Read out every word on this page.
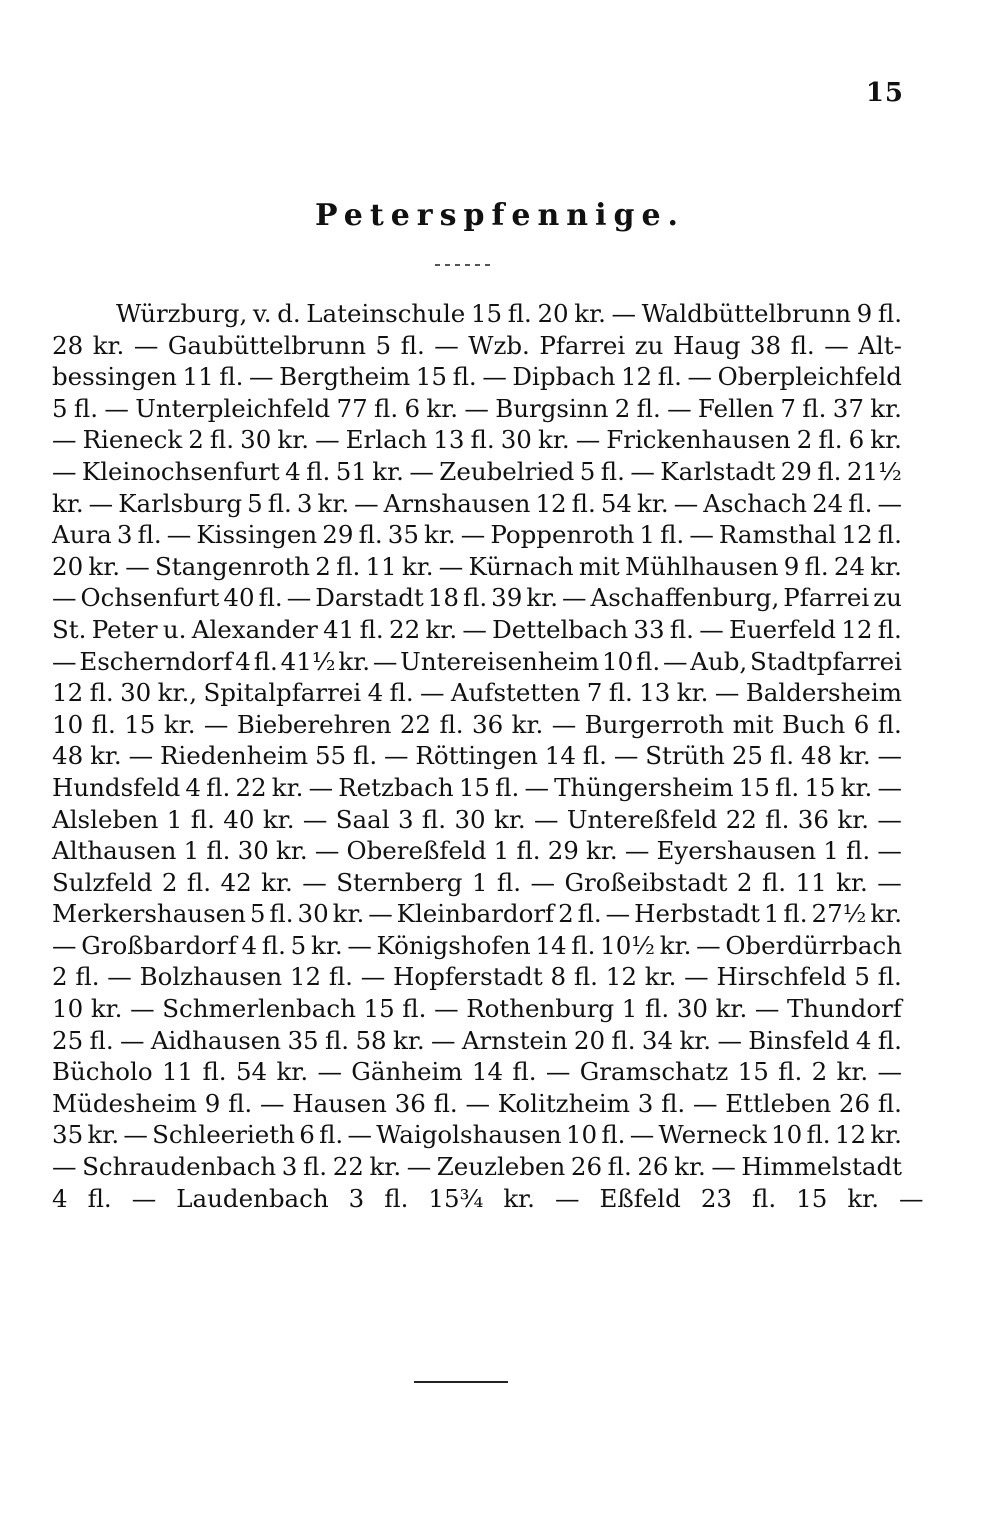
15
Peterspfennige.
Würzburg, v. d. Lateinschule 15 fl. 20 kr. — Waldbüttelbrunn 9 fl.
28 kr. — Gaubüttelbrunn 5 fl. — Wzb. Pfarrei zu Haug 38 fl. — Alt-
bessingen 11 fl. — Bergtheim 15 fl. — Dipbach 12 fl. — Oberpleichfeld
5 fl. — Unterpleichfeld 77 fl. 6 kr. — Burgsinn 2 fl. — Fellen 7 fl. 37 kr.
— Rieneck 2 fl. 30 kr. — Erlach 13 fl. 30 kr. — Frickenhausen 2 fl. 6 kr.
— Kleinochsenfurt 4 fl. 51 kr. — Zeubelried 5 fl. — Karlstadt 29 fl. 21½
kr. — Karlsburg 5 fl. 3 kr. — Arnshausen 12 fl. 54 kr. — Aschach 24 fl. —
Aura 3 fl. — Kissingen 29 fl. 35 kr. — Poppenroth 1 fl. — Ramsthal 12 fl.
20 kr. — Stangenroth 2 fl. 11 kr. — Kürnach mit Mühlhausen 9 fl. 24 kr.
— Ochsenfurt 40 fl. — Darstadt 18 fl. 39 kr. — Aschaffenburg, Pfarrei zu
St. Peter u. Alexander 41 fl. 22 kr. — Dettelbach 33 fl. — Euerfeld 12 fl.
— Escherndorf 4 fl. 41½ kr. — Untereisenheim 10 fl. — Aub, Stadtpfarrei
12 fl. 30 kr., Spitalpfarrei 4 fl. — Aufstetten 7 fl. 13 kr. — Baldersheim
10 fl. 15 kr. — Bieberehren 22 fl. 36 kr. — Burgerroth mit Buch 6 fl.
48 kr. — Riedenheim 55 fl. — Röttingen 14 fl. — Strüth 25 fl. 48 kr. —
Hundsfeld 4 fl. 22 kr. — Retzbach 15 fl. — Thüngersheim 15 fl. 15 kr. —
Alsleben 1 fl. 40 kr. — Saal 3 fl. 30 kr. — Untereßfeld 22 fl. 36 kr. —
Althausen 1 fl. 30 kr. — Obereßfeld 1 fl. 29 kr. — Eyershausen 1 fl. —
Sulzfeld 2 fl. 42 kr. — Sternberg 1 fl. — Großeibstadt 2 fl. 11 kr. —
Merkershausen 5 fl. 30 kr. — Kleinbardorf 2 fl. — Herbstadt 1 fl. 27½ kr.
— Großbardorf 4 fl. 5 kr. — Königshofen 14 fl. 10½ kr. — Oberdürrbach
2 fl. — Bolzhausen 12 fl. — Hopferstadt 8 fl. 12 kr. — Hirschfeld 5 fl.
10 kr. — Schmerlenbach 15 fl. — Rothenburg 1 fl. 30 kr. — Thundorf
25 fl. — Aidhausen 35 fl. 58 kr. — Arnstein 20 fl. 34 kr. — Binsfeld 4 fl.
Bücholo 11 fl. 54 kr. — Gänheim 14 fl. — Gramschatz 15 fl. 2 kr. —
Müdesheim 9 fl. — Hausen 36 fl. — Kolitzheim 3 fl. — Ettleben 26 fl.
35 kr. — Schleerieth 6 fl. — Waigolshausen 10 fl. — Werneck 10 fl. 12 kr.
— Schraudenbach 3 fl. 22 kr. — Zeuzleben 26 fl. 26 kr. — Himmelstadt
4 fl. — Laudenbach 3 fl. 15¾ kr. — Eßfeld 23 fl. 15 kr. —
